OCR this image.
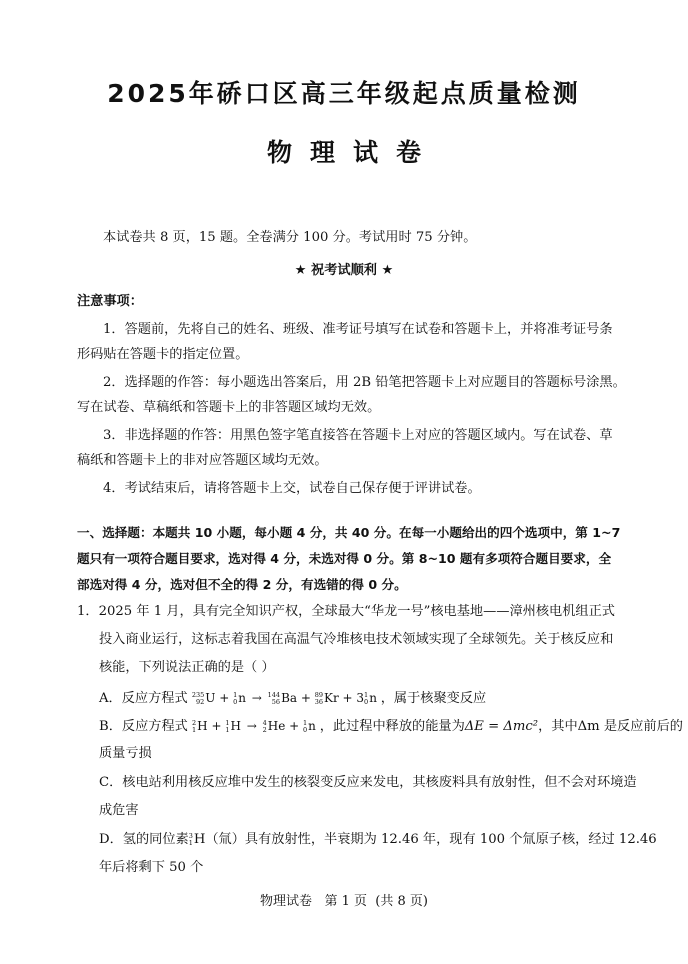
2025年硚口区高三年级起点质量检测
物理试卷
本试卷共 8 页，15 题。全卷满分 100 分。考试用时 75 分钟。
★ 祝考试顺利 ★
注意事项：
1．答题前，先将自己的姓名、班级、准考证号填写在试卷和答题卡上，并将准考证号条
形码贴在答题卡的指定位置。
2．选择题的作答：每小题选出答案后，用 2B 铅笔把答题卡上对应题目的答题标号涂黑。
写在试卷、草稿纸和答题卡上的非答题区域均无效。
3．非选择题的作答：用黑色签字笔直接答在答题卡上对应的答题区域内。写在试卷、草
稿纸和答题卡上的非对应答题区域均无效。
4．考试结束后，请将答题卡上交，试卷自己保存便于评讲试卷。
一、选择题：本题共 10 小题，每小题 4 分，共 40 分。在每一小题给出的四个选项中，第 1~7
题只有一项符合题目要求，选对得 4 分，未选对得 0 分。第 8~10 题有多项符合题目要求，全
部选对得 4 分，选对但不全的得 2 分，有选错的得 0 分。
1．2025 年 1 月，具有完全知识产权，全球最大“华龙一号”核电基地——漳州核电机组正式
投入商业运行，这标志着我国在高温气冷堆核电技术领域实现了全球领先。关于核反应和
核能，下列说法正确的是（ ）
A．反应方程式 235
92 U + 1
0 n → 144
56 Ba + 89
36 Kr + 3 1
0 n ，属于核聚变反应
B．反应方程式 2
1 H + 1
1 H → 4
2 He + 1
0 n ，此过程中释放的能量为ΔE = Δmc²，其中Δm 是反应前后的
质量亏损
C．核电站利用核反应堆中发生的核裂变反应来发电，其核废料具有放射性，但不会对环境造
成危害
D．氢的同位素 3
1 H（氚）具有放射性，半衰期为 12.46 年，现有 100 个氚原子核，经过 12.46
年后将剩下 50 个
物理试卷   第 1 页  (共 8 页)
